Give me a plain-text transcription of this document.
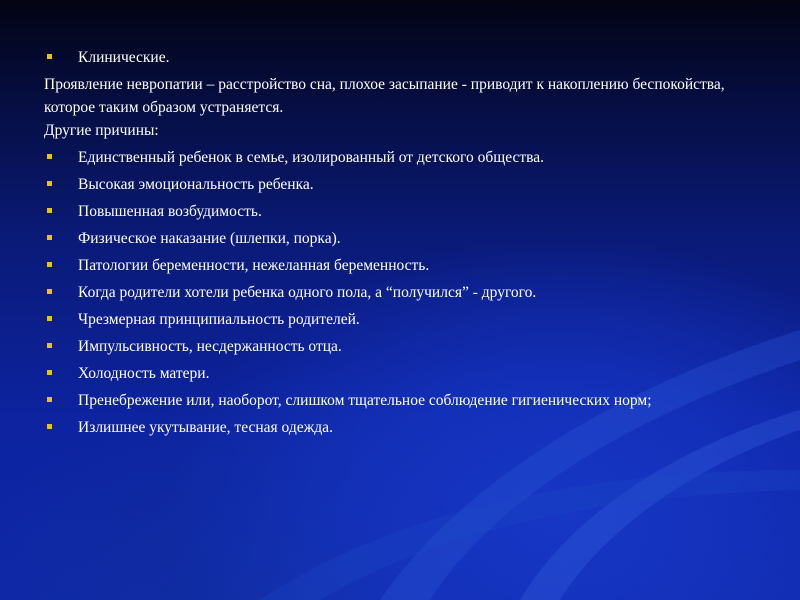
Клинические.
Проявление невропатии – расстройство сна, плохое засыпание - приводит к накоплению беспокойства, которое таким образом устраняется.
Другие причины:
Единственный ребенок в семье, изолированный от детского общества.
Высокая эмоциональность ребенка.
Повышенная возбудимость.
Физическое наказание (шлепки, порка).
Патологии беременности, нежеланная беременность.
Когда родители хотели ребенка одного пола, а “получился” - другого.
Чрезмерная принципиальность родителей.
Импульсивность, несдержанность отца.
Холодность матери.
Пренебрежение или, наоборот, слишком тщательное соблюдение гигиенических норм;
Излишнее укутывание, тесная одежда.
